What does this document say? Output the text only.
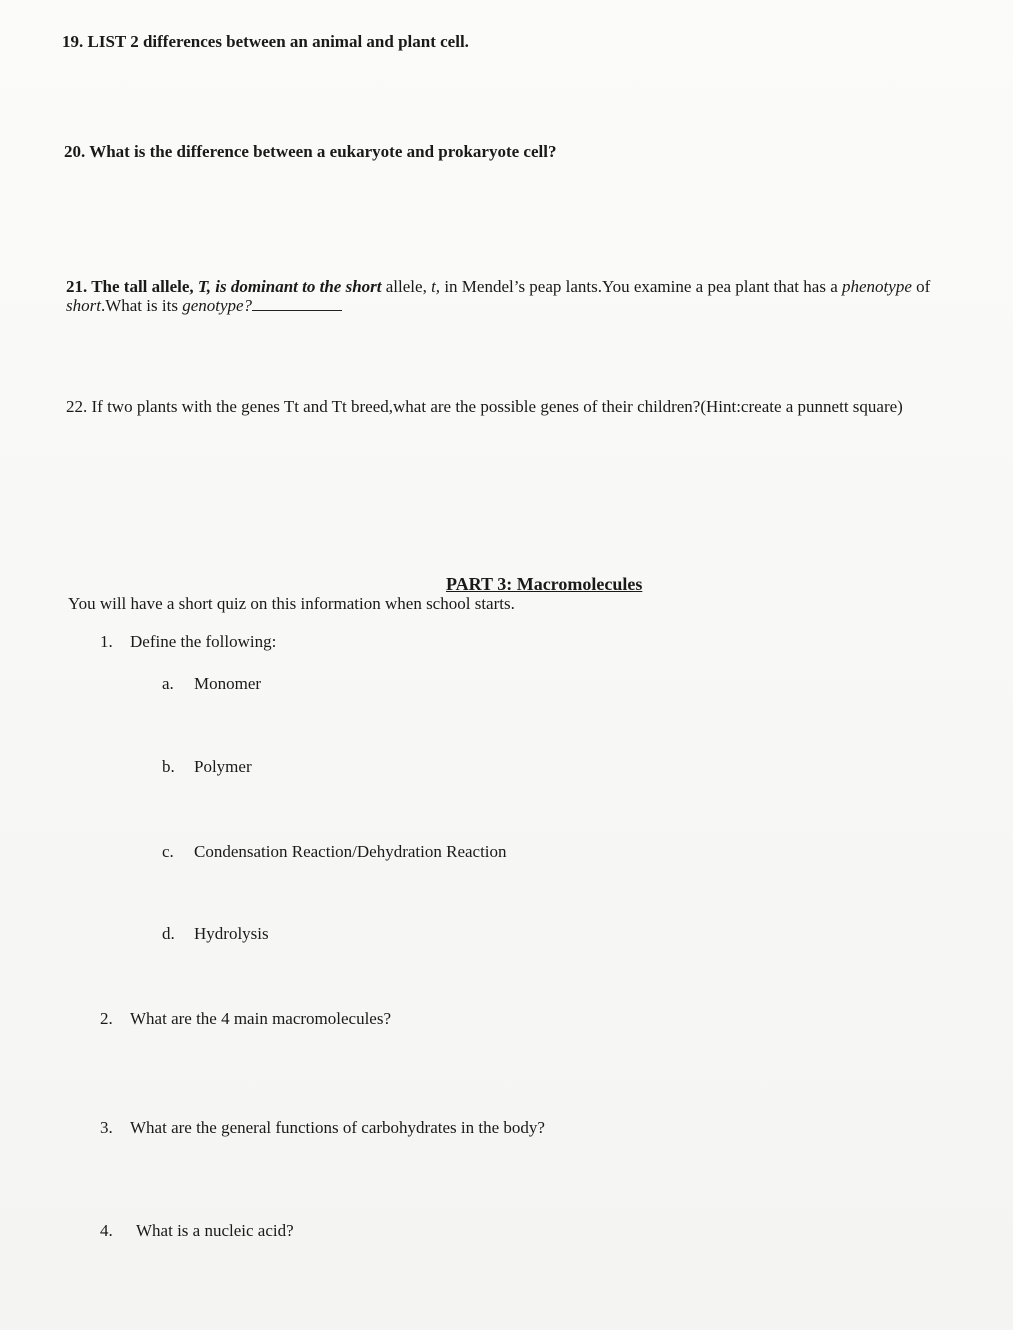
19. LIST 2 differences between an animal and plant cell.
20. What is the difference between a eukaryote and prokaryote cell?
21. The tall allele, T, is dominant to the short allele, t, in Mendel’s peap lants.You examine a pea plant that has a phenotype of
short.What is its genotype?
22. If two plants with the genes Tt and Tt breed,what are the possible genes of their children?(Hint:create a punnett square)
PART 3: Macromolecules
You will have a short quiz on this information when school starts.
1. Define the following:
a. Monomer
b. Polymer
c. Condensation Reaction/Dehydration Reaction
d. Hydrolysis
2. What are the 4 main macromolecules?
3. What are the general functions of carbohydrates in the body?
4. What is a nucleic acid?
